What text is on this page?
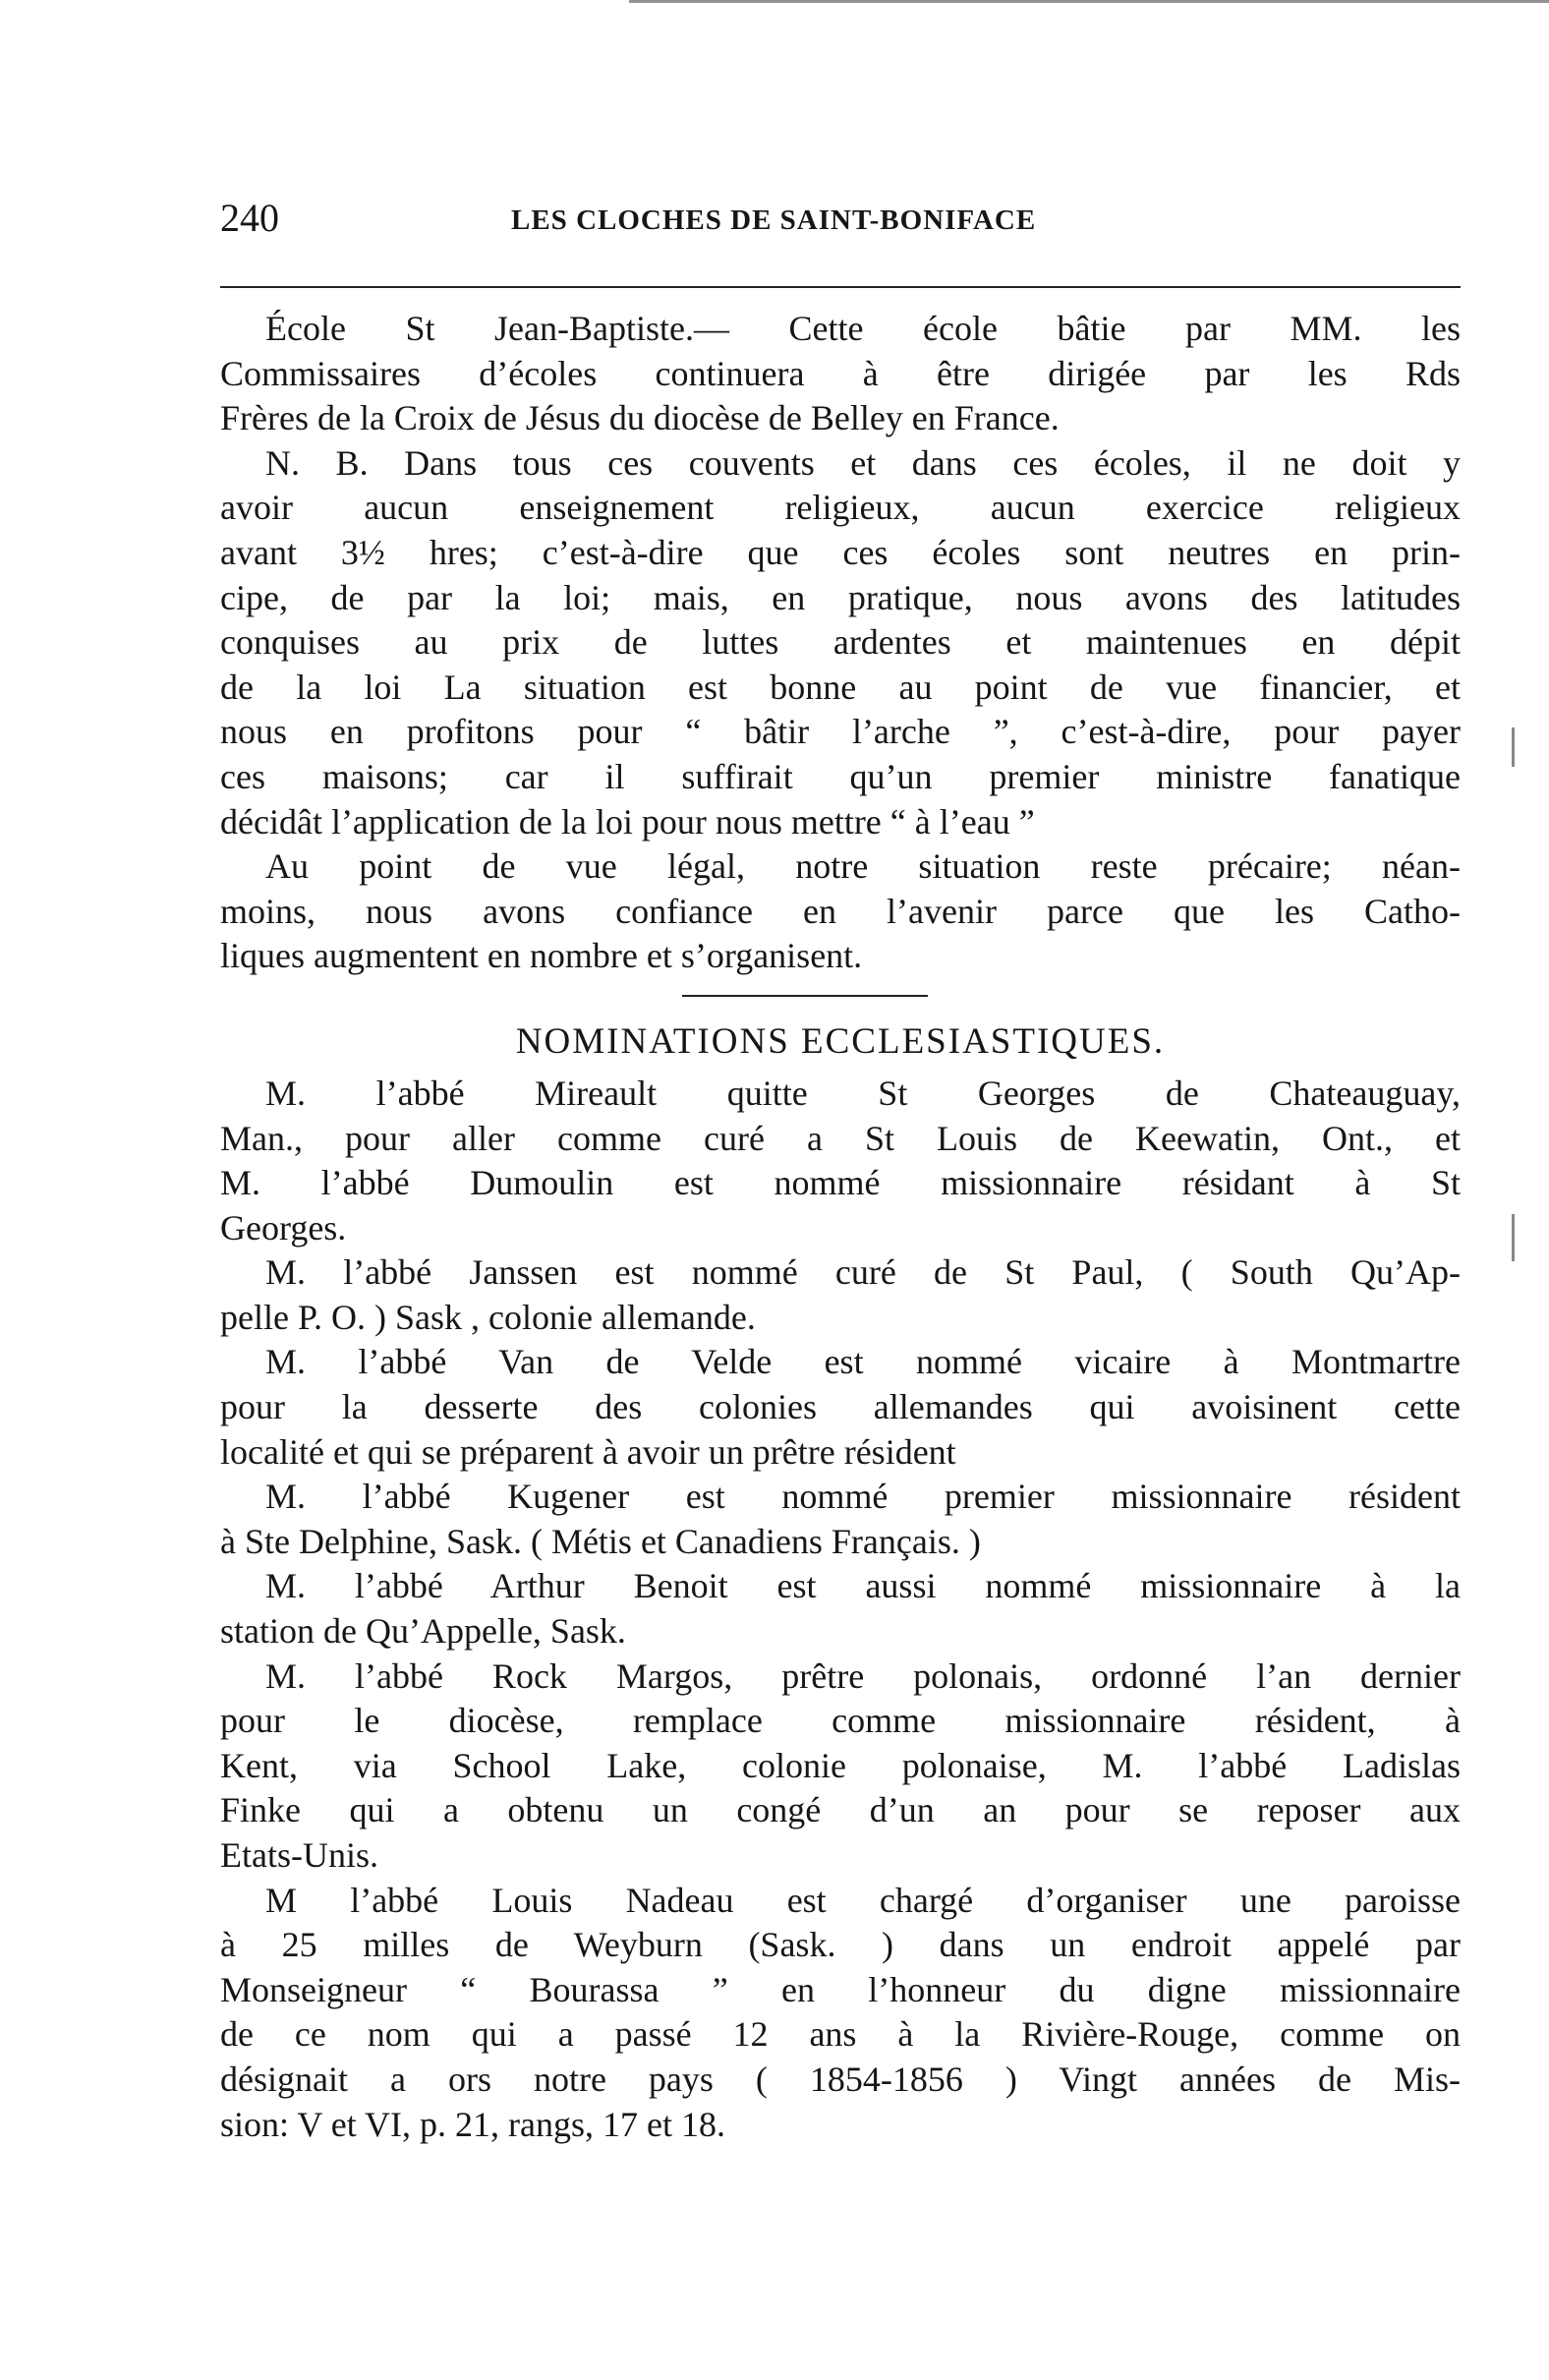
240	LES CLOCHES DE SAINT-BONIFACE
École St Jean-Baptiste.— Cette école bâtie par MM. les
Commissaires d’écoles continuera à être dirigée par les Rds
Frères de la Croix de Jésus du diocèse de Belley en France.
N. B. Dans tous ces couvents et dans ces écoles, il ne doit y
avoir aucun enseignement religieux, aucun exercice religieux
avant 3½ hres; c’est-à-dire que ces écoles sont neutres en prin-
cipe, de par la loi; mais, en pratique, nous avons des latitudes
conquises au prix de luttes ardentes et maintenues en dépit
de la loi La situation est bonne au point de vue financier, et
nous en profitons pour “ bâtir l’arche ”, c’est-à-dire, pour payer
ces maisons; car il suffirait qu’un premier ministre fanatique
décidât l’application de la loi pour nous mettre “ à l’eau ”
Au point de vue légal, notre situation reste précaire; néan-
moins, nous avons confiance en l’avenir parce que les Catho-
liques augmentent en nombre et s’organisent.
NOMINATIONS ECCLESIASTIQUES.
M. l’abbé Mireault quitte St Georges de Chateauguay,
Man., pour aller comme curé a St Louis de Keewatin, Ont., et
M. l’abbé Dumoulin est nommé missionnaire résidant à St
Georges.
M. l’abbé Janssen est nommé curé de St Paul, ( South Qu’Ap-
pelle P. O. ) Sask , colonie allemande.
M. l’abbé Van de Velde est nommé vicaire à Montmartre
pour la desserte des colonies allemandes qui avoisinent cette
localité et qui se préparent à avoir un prêtre résident
M. l’abbé Kugener est nommé premier missionnaire résident
à Ste Delphine, Sask. ( Métis et Canadiens Français. )
M. l’abbé Arthur Benoit est aussi nommé missionnaire à la
station de Qu’Appelle, Sask.
M. l’abbé Rock Margos, prêtre polonais, ordonné l’an dernier
pour le diocèse, remplace comme missionnaire résident, à
Kent, via School Lake, colonie polonaise, M. l’abbé Ladislas
Finke qui a obtenu un congé d’un an pour se reposer aux
Etats-Unis.
M l’abbé Louis Nadeau est chargé d’organiser une paroisse
à 25 milles de Weyburn (Sask. ) dans un endroit appelé par
Monseigneur “ Bourassa ” en l’honneur du digne missionnaire
de ce nom qui a passé 12 ans à la Rivière-Rouge, comme on
désignait a ors notre pays ( 1854-1856 ) Vingt années de Mis-
sion: V et VI, p. 21, rangs, 17 et 18.
